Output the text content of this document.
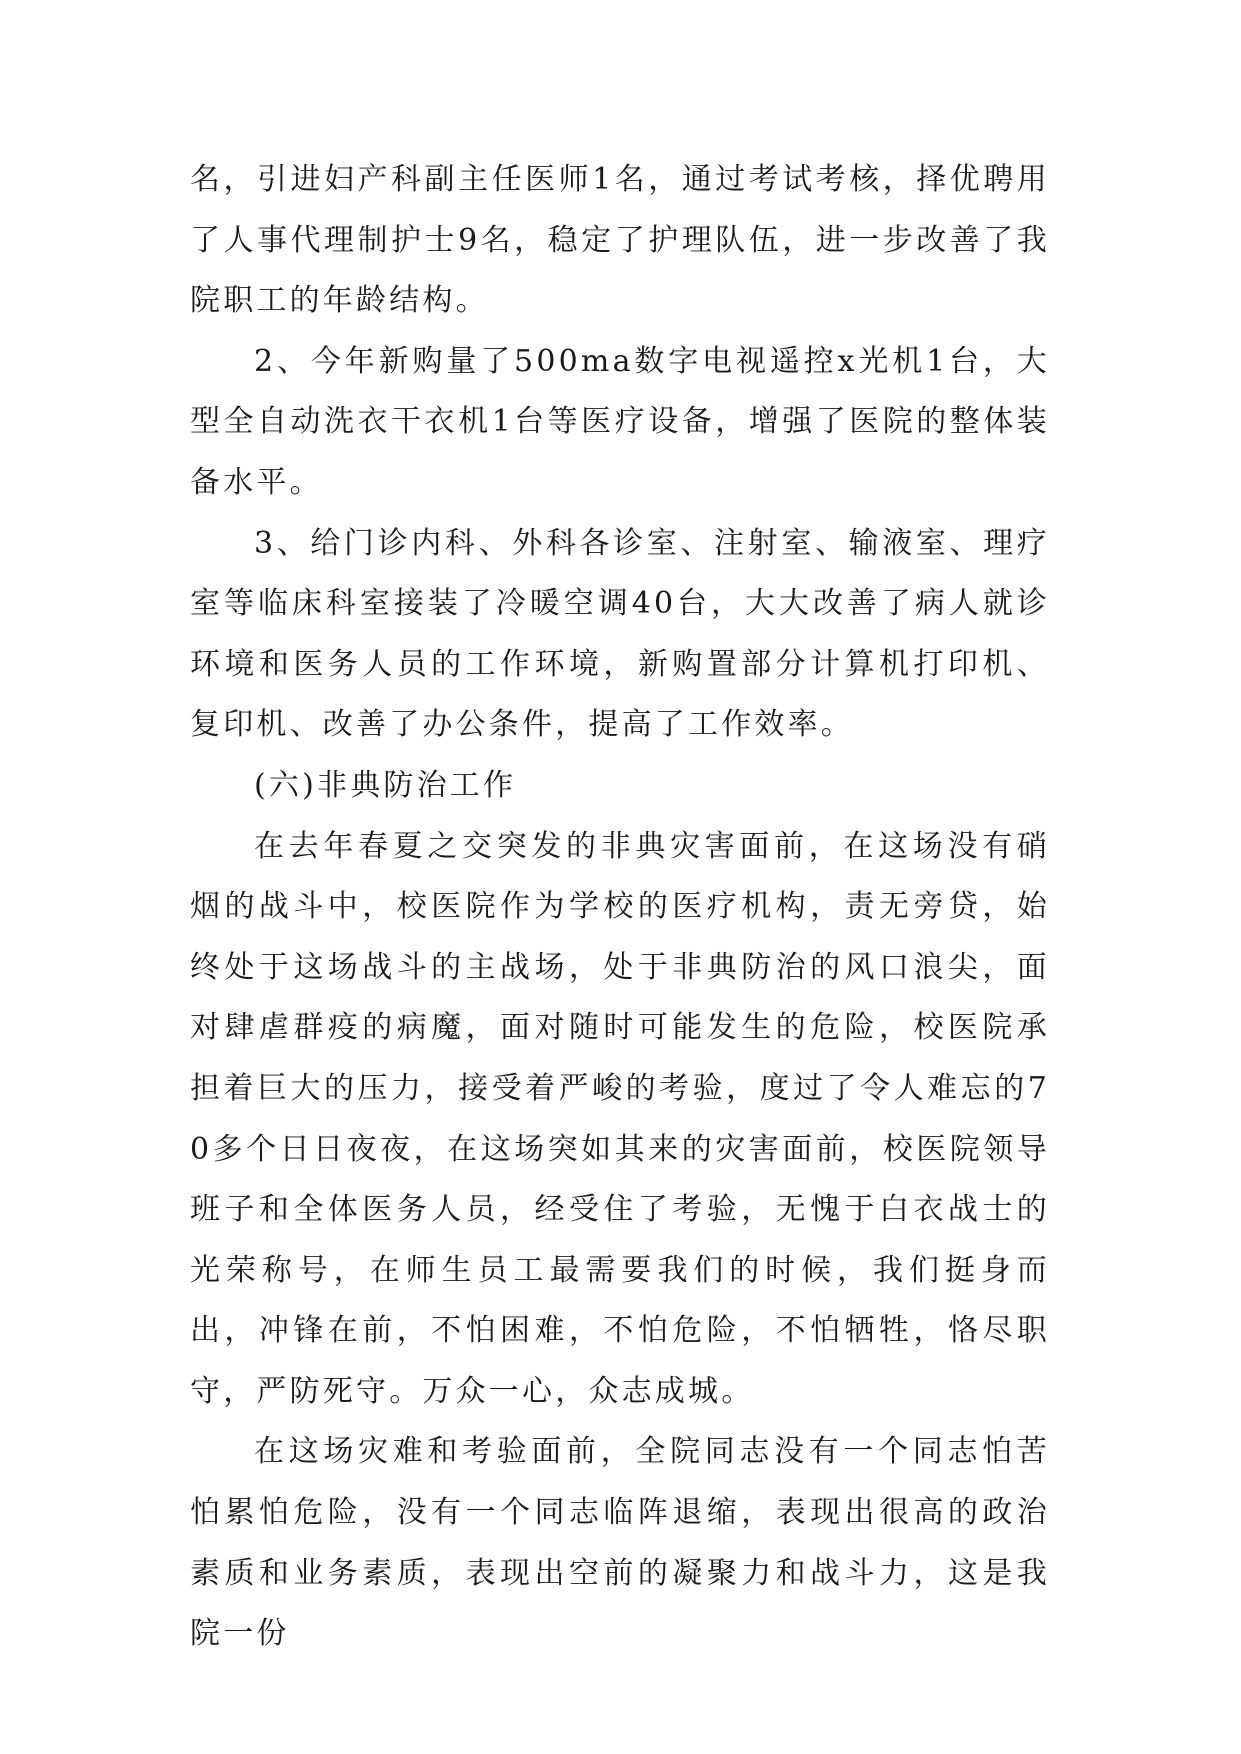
名，引进妇产科副主任医师1名，通过考试考核，择优聘用了人事代理制护士9名，稳定了护理队伍，进一步改善了我院职工的年龄结构。

2、今年新购量了500ma数字电视遥控x光机1台，大型全自动洗衣干衣机1台等医疗设备，增强了医院的整体装备水平。

3、给门诊内科、外科各诊室、注射室、输液室、理疗室等临床科室接装了冷暖空调40台，大大改善了病人就诊环境和医务人员的工作环境，新购置部分计算机打印机、复印机、改善了办公条件，提高了工作效率。

(六)非典防治工作

在去年春夏之交突发的非典灾害面前，在这场没有硝烟的战斗中，校医院作为学校的医疗机构，责无旁贷，始终处于这场战斗的主战场，处于非典防治的风口浪尖，面对肆虐群疫的病魔，面对随时可能发生的危险，校医院承担着巨大的压力，接受着严峻的考验，度过了令人难忘的70多个日日夜夜，在这场突如其来的灾害面前，校医院领导班子和全体医务人员，经受住了考验，无愧于白衣战士的光荣称号，在师生员工最需要我们的时候，我们挺身而出，冲锋在前，不怕困难，不怕危险，不怕牺牲，恪尽职守，严防死守。万众一心，众志成城。

在这场灾难和考验面前，全院同志没有一个同志怕苦怕累怕危险，没有一个同志临阵退缩，表现出很高的政治素质和业务素质，表现出空前的凝聚力和战斗力，这是我院一份
